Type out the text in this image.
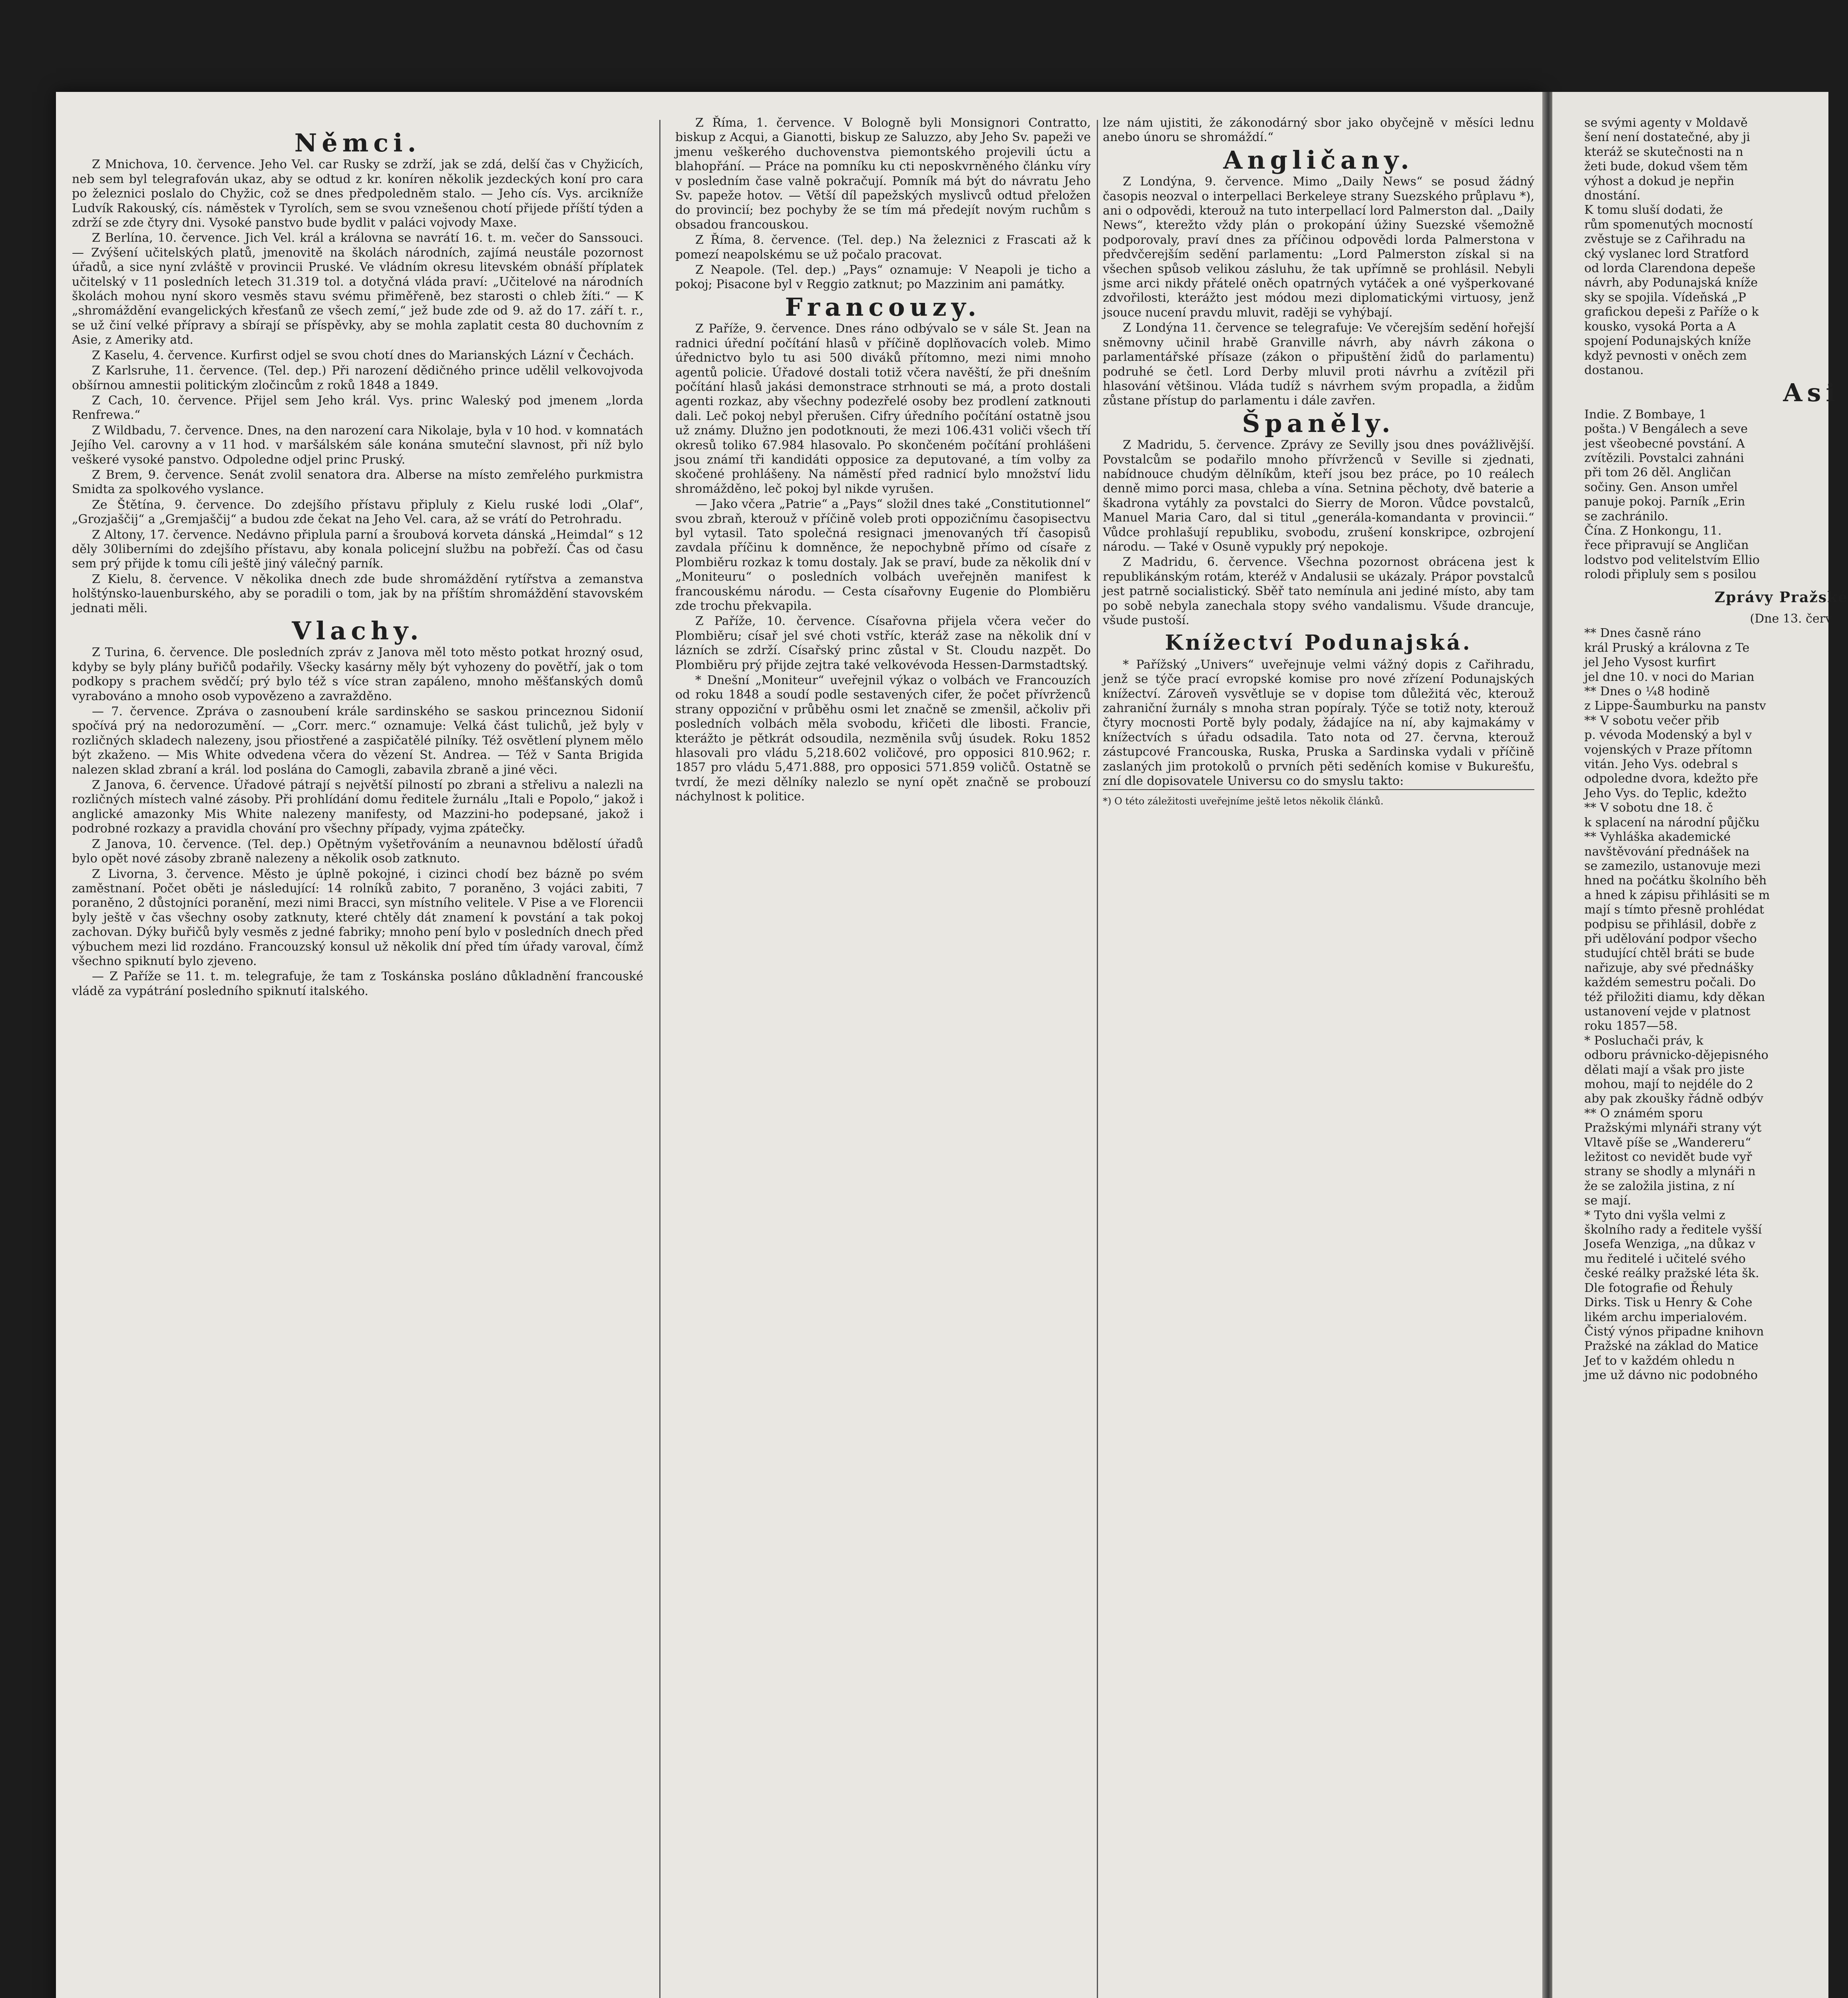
Němci.

Z Mnichova, 10. července. Jeho Vel. car Rusky se zdrží, jak se zdá, delší čas v Chyžicích, neb sem byl telegrafován ukaz, aby se odtud z kr. koníren několik jezdeckých koní pro cara po železnici poslalo do Chyžic, což se dnes předpoledněm stalo. — Jeho cís. Vys. arcikníže Ludvík Rakouský, cís. náměstek v Tyrolích, sem se svou vznešenou chotí přijede příští týden a zdrží se zde čtyry dni. Vysoké panstvo bude bydlit v paláci vojvody Maxe.

Z Berlína, 10. července. Jich Vel. král a královna se navrátí 16. t. m. večer do Sanssouci. — Zvýšení učitelských platů, jmenovitě na školách národních, zajímá neustále pozornost úřadů, a sice nyní zvláště v provincii Pruské. Ve vládním okresu litevském obnáší příplatek učitelský v 11 posledních letech 31.319 tol. a dotyčná vláda praví: „Učitelové na národních školách mohou nyní skoro vesměs stavu svému přiměřeně, bez starosti o chleb žíti.“ — K „shromáždění evangelických křesťanů ze všech zemí,“ jež bude zde od 9. až do 17. září t. r., se už činí velké přípravy a sbírají se příspěvky, aby se mohla zaplatit cesta 80 duchovním z Asie, z Ameriky atd.

Z Kaselu, 4. července. Kurfirst odjel se svou chotí dnes do Marianských Lázní v Čechách.

Z Karlsruhe, 11. července. (Tel. dep.) Při narození dědičného prince udělil velkovojvoda obšírnou amnestii politickým zločincům z roků 1848 a 1849.

Z Cach, 10. července. Přijel sem Jeho král. Vys. princ Waleský pod jmenem „lorda Renfrewa.“

Z Wildbadu, 7. července. Dnes, na den narození cara Nikolaje, byla v 10 hod. v komnatách Jejího Vel. carovny a v 11 hod. v maršálském sále konána smuteční slavnost, při níž bylo veškeré vysoké panstvo. Odpoledne odjel princ Pruský.

Z Brem, 9. července. Senát zvolil senatora dra. Alberse na místo zemřelého purkmistra Smidta za spolkového vyslance.

Ze Štětína, 9. července. Do zdejšího přístavu připluly z Kielu ruské lodi „Olaf“, „Grozjaščij“ a „Gremjaščij“ a budou zde čekat na Jeho Vel. cara, až se vrátí do Petrohradu.

Z Altony, 17. července. Nedávno připlula parní a šroubová korveta dánská „Heimdal“ s 12 děly 30liberními do zdejšího přístavu, aby konala policejní službu na pobřeží. Čas od času sem prý přijde k tomu cíli ještě jiný válečný parník.

Z Kielu, 8. července. V několika dnech zde bude shromáždění rytířstva a zemanstva holštýnsko-lauenburského, aby se poradili o tom, jak by na příštím shromáždění stavovském jednati měli.

Vlachy.

Z Turina, 6. července. Dle posledních zpráv z Janova měl toto město potkat hrozný osud, kdyby se byly plány buřičů podařily. Všecky kasárny měly být vyhozeny do povětří, jak o tom podkopy s prachem svědčí; prý bylo též s více stran zapáleno, mnoho měšťanských domů vyrabováno a mnoho osob vypovězeno a zavražděno.

— 7. července. Zpráva o zasnoubení krále sardinského se saskou princeznou Sidonií spočívá prý na nedorozumění. — „Corr. merc.“ oznamuje: Velká část tulichů, jež byly v rozličných skladech nalezeny, jsou přiostřené a zaspičatělé pilníky. Též osvětlení plynem mělo být zkaženo. — Mis White odvedena včera do vězení St. Andrea. — Též v Santa Brigida nalezen sklad zbraní a král. lod poslána do Camogli, zabavila zbraně a jiné věci.

Z Janova, 6. července. Úřadové pátrají s největší pilností po zbrani a střelivu a nalezli na rozličných místech valné zásoby. Při prohlídání domu ředitele žurnálu „Itali e Popolo,“ jakož i anglické amazonky Mis White nalezeny manifesty, od Mazzini-ho podepsané, jakož i podrobné rozkazy a pravidla chování pro všechny případy, vyjma zpátečky.

Z Janova, 10. července. (Tel. dep.) Opětným vyšetřováním a neunavnou bdělostí úřadů bylo opět nové zásoby zbraně nalezeny a několik osob zatknuto.

Z Livorna, 3. července. Město je úplně pokojné, i cizinci chodí bez bázně po svém zaměstnaní. Počet oběti je následující: 14 rolníků zabito, 7 poraněno, 3 vojáci zabiti, 7 poraněno, 2 důstojníci poranění, mezi nimi Bracci, syn místního velitele. V Pise a ve Florencii byly ještě v čas všechny osoby zatknuty, které chtěly dát znamení k povstání a tak pokoj zachovan. Dýky buřičů byly vesměs z jedné fabriky; mnoho pení bylo v posledních dnech před výbuchem mezi lid rozdáno. Francouzský konsul už několik dní před tím úřady varoval, čímž všechno spiknutí bylo zjeveno.

— Z Paříže se 11. t. m. telegrafuje, že tam z Toskánska posláno důkladnění francouské vládě za vypátrání posledního spiknutí italského.

Z Říma, 1. července. V Bologně byli Monsignori Contratto, biskup z Acqui, a Gianotti, biskup ze Saluzzo, aby Jeho Sv. papeži ve jmenu veškerého duchovenstva piemontského projevili úctu a blahopřání. — Práce na pomníku ku cti neposkvrněného článku víry v posledním čase valně pokračují. Pomník má být do návratu Jeho Sv. papeže hotov. — Větší díl papežských myslivců odtud přeložen do provincií; bez pochyby že se tím má předejít novým ruchům s obsadou francouskou.

Z Říma, 8. července. (Tel. dep.) Na železnici z Frascati až k pomezí neapolskému se už počalo pracovat.

Z Neapole. (Tel. dep.) „Pays“ oznamuje: V Neapoli je ticho a pokoj; Pisacone byl v Reggio zatknut; po Mazzinim ani památky.

Francouzy.

Z Paříže, 9. července. Dnes ráno odbývalo se v sále St. Jean na radnici úřední počítání hlasů v příčině doplňovacích voleb. Mimo úřednictvo bylo tu asi 500 diváků přítomno, mezi nimi mnoho agentů policie. Úřadové dostali totiž včera navěští, že při dnešním počítání hlasů jakási demonstrace strhnouti se má, a proto dostali agenti rozkaz, aby všechny podezřelé osoby bez prodlení zatknouti dali. Leč pokoj nebyl přerušen. Cifry úředního počítání ostatně jsou už známy. Dlužno jen podotknouti, že mezi 106.431 voliči všech tří okresů toliko 67.984 hlasovalo. Po skončeném počítání prohlášeni jsou známí tři kandidáti opposice za deputované, a tím volby za skočené prohlášeny. Na náměstí před radnicí bylo množství lidu shromážděno, leč pokoj byl nikde vyrušen.

— Jako včera „Patrie“ a „Pays“ složil dnes také „Constitutionnel“ svou zbraň, kterouž v příčině voleb proti oppozičnímu časopisectvu byl vytasil. Tato společná resignaci jmenovaných tří časopisů zavdala příčinu k domněnce, že nepochybně přímo od císaře z Plombiěru rozkaz k tomu dostaly. Jak se praví, bude za několik dní v „Moniteuru“ o posledních volbách uveřejněn manifest k francouskému národu. — Cesta císařovny Eugenie do Plombiěru zde trochu překvapila.

Z Paříže, 10. července. Císařovna přijela včera večer do Plombiěru; císař jel své choti vstříc, kteráž zase na několik dní v lázních se zdrží. Císařský princ zůstal v St. Cloudu nazpět. Do Plombiěru prý přijde zejtra také velkovévoda Hessen-Darmstadtský.

* Dnešní „Moniteur“ uveřejnil výkaz o volbách ve Francouzích od roku 1848 a soudí podle sestavených cifer, že počet přívrženců strany oppoziční v průběhu osmi let značně se zmenšil, ačkoliv při posledních volbách měla svobodu, křičeti dle libosti. Francie, kterážto je pětkrát odsoudila, nezměnila svůj úsudek. Roku 1852 hlasovali pro vládu 5,218.602 voličové, pro opposici 810.962; r. 1857 pro vládu 5,471.888, pro opposici 571.859 voličů. Ostatně se tvrdí, že mezi dělníky nalezlo se nyní opět značně se probouzí náchylnost k politice.

lze nám ujistiti, že zákonodárný sbor jako obyčejně v měsíci lednu anebo únoru se shromáždí.“

Angličany.

Z Londýna, 9. července. Mimo „Daily News“ se posud žádný časopis neozval o interpellaci Berkeleye strany Suezského průplavu *), ani o odpovědi, kterouž na tuto interpellací lord Palmerston dal. „Daily News“, kterežto vždy plán o prokopání úžiny Suezské všemožně podporovaly, praví dnes za příčinou odpovědi lorda Palmerstona v předvčerejším sedění parlamentu: „Lord Palmerston získal si na všechen spůsob velikou zásluhu, že tak upřímně se prohlásil. Nebyli jsme arci nikdy přátelé oněch opatrných vytáček a oné vyšperkované zdvořilosti, kterážto jest módou mezi diplomatickými virtuosy, jenž jsouce nucení pravdu mluvit, raději se vyhýbají.

Z Londýna 11. července se telegrafuje: Ve včerejším sedění hořejší sněmovny učinil hrabě Granville návrh, aby návrh zákona o parlamentářské přísaze (zákon o připuštění židů do parlamentu) podruhé se četl. Lord Derby mluvil proti návrhu a zvítězil při hlasování většinou. Vláda tudíž s návrhem svým propadla, a židům zůstane přístup do parlamentu i dále zavřen.

Španěly.

Z Madridu, 5. července. Zprávy ze Sevilly jsou dnes povážlivější. Povstalcům se podařilo mnoho přívrženců v Seville si zjednati, nabídnouce chudým dělníkům, kteří jsou bez práce, po 10 reálech denně mimo porci masa, chleba a vína. Setnina pěchoty, dvě baterie a škadrona vytáhly za povstalci do Sierry de Moron. Vůdce povstalců, Manuel Maria Caro, dal si titul „generála-komandanta v provincii.“ Vůdce prohlašují republiku, svobodu, zrušení konskripce, ozbrojení národu. — Také v Osuně vypukly prý nepokoje.

Z Madridu, 6. července. Všechna pozornost obrácena jest k republikánským rotám, kteréž v Andalusii se ukázaly. Prápor povstalců jest patrně socialistický. Sběř tato nemínula ani jediné místo, aby tam po sobě nebyla zanechala stopy svého vandalismu. Všude drancuje, všude pustoší.

Knížectví Podunajská.

* Pařížský „Univers“ uveřejnuje velmi vážný dopis z Cařihradu, jenž se týče prací evropské komise pro nové zřízení Podunajských knížectví. Zároveň vysvětluje se v dopise tom důležitá věc, kterouž zahraniční žurnály s mnoha stran popíraly. Týče se totiž noty, kterouž čtyry mocnosti Portě byly podaly, žádajíce na ní, aby kajmakámy v knížectvích s úřadu odsadila. Tato nota od 27. června, kterouž zástupcové Francouska, Ruska, Pruska a Sardinska vydali v příčině zaslaných jim protokolů o prvních pěti seděních komise v Bukurešťu, zní dle dopisovatele Universu co do smyslu takto:

*) O této záležitosti uveřejníme ještě letos několik článků.

se svými agenty v Moldavě
šení není dostatečné, aby ji
kteráž se skutečnosti na n
žeti bude, dokud všem těm
výhost a dokud je nepřin
dnostání.
K tomu sluší dodati, že
rům spomenutých mocností
zvěstuje se z Cařihradu na
cký vyslanec lord Stratford
od lorda Clarendona depeše
návrh, aby Podunajská kníže
sky se spojila. Vídeňská „P
grafickou depeši z Paříže o k
kousko, vysoká Porta a A
spojení Podunajských kníže
když pevnosti v oněch zem
dostanou.
Asi
Indie. Z Bombaye, 1
pošta.) V Bengálech a seve
jest všeobecné povstání. A
zvítězili. Povstalci zahnáni
při tom 26 děl. Angličan
sočiny. Gen. Anson umřel
panuje pokoj. Parník „Erin
se zachránilo.
Čína. Z Honkongu, 11.
řece připravují se Angličan
lodstvo pod velitelstvím Ellio
rolodi připluly sem s posilou
Zprávy Pražské
(Dne 13. červ
** Dnes časně ráno
král Pruský a královna z Te
jel Jeho Vysost kurfirt
jel dne 10. v noci do Marian
** Dnes o ¼8 hodině
z Lippe-Šaumburku na panstv
** V sobotu večer přib
p. vévoda Modenský a byl v
vojenských v Praze přítomn
vitán. Jeho Vys. odebral s
odpoledne dvora, kdežto pře
Jeho Vys. do Teplic, kdežto
** V sobotu dne 18. č
k splacení na národní půjčku
** Vyhláška akademické
navštěvování přednášek na
se zamezilo, ustanovuje mezi
hned na počátku školního běh
a hned k zápisu přihlásiti se m
mají s tímto přesně prohlédat
podpisu se přihlásil, dobře z
při udělování podpor všecho
studující chtěl bráti se bude
nařizuje, aby své přednášky
každém semestru počali. Do
též přiložiti diamu, kdy děkan
ustanovení vejde v platnost
roku 1857—58.
* Posluchači práv, k
odboru právnicko-dějepisného
dělati mají a však pro jiste
mohou, mají to nejdéle do 2
aby pak zkoušky řádně odbýv
** O známém sporu
Pražskými mlynáři strany výt
Vltavě píše se „Wandereru“
ležitost co nevidět bude vyř
strany se shodly a mlynáři n
že se založila jistina, z ní
se mají.
* Tyto dni vyšla velmi z
školního rady a ředitele vyšší
Josefa Wenziga, „na důkaz v
mu ředitelé i učitelé svého
české reálky pražské léta šk.
Dle fotografie od Řehuly
Dirks. Tisk u Henry & Cohe
likém archu imperialovém.
Čistý výnos připadne knihovn
Pražské na základ do Matice
Jeť to v každém ohledu n
jme už dávno nic podobného
